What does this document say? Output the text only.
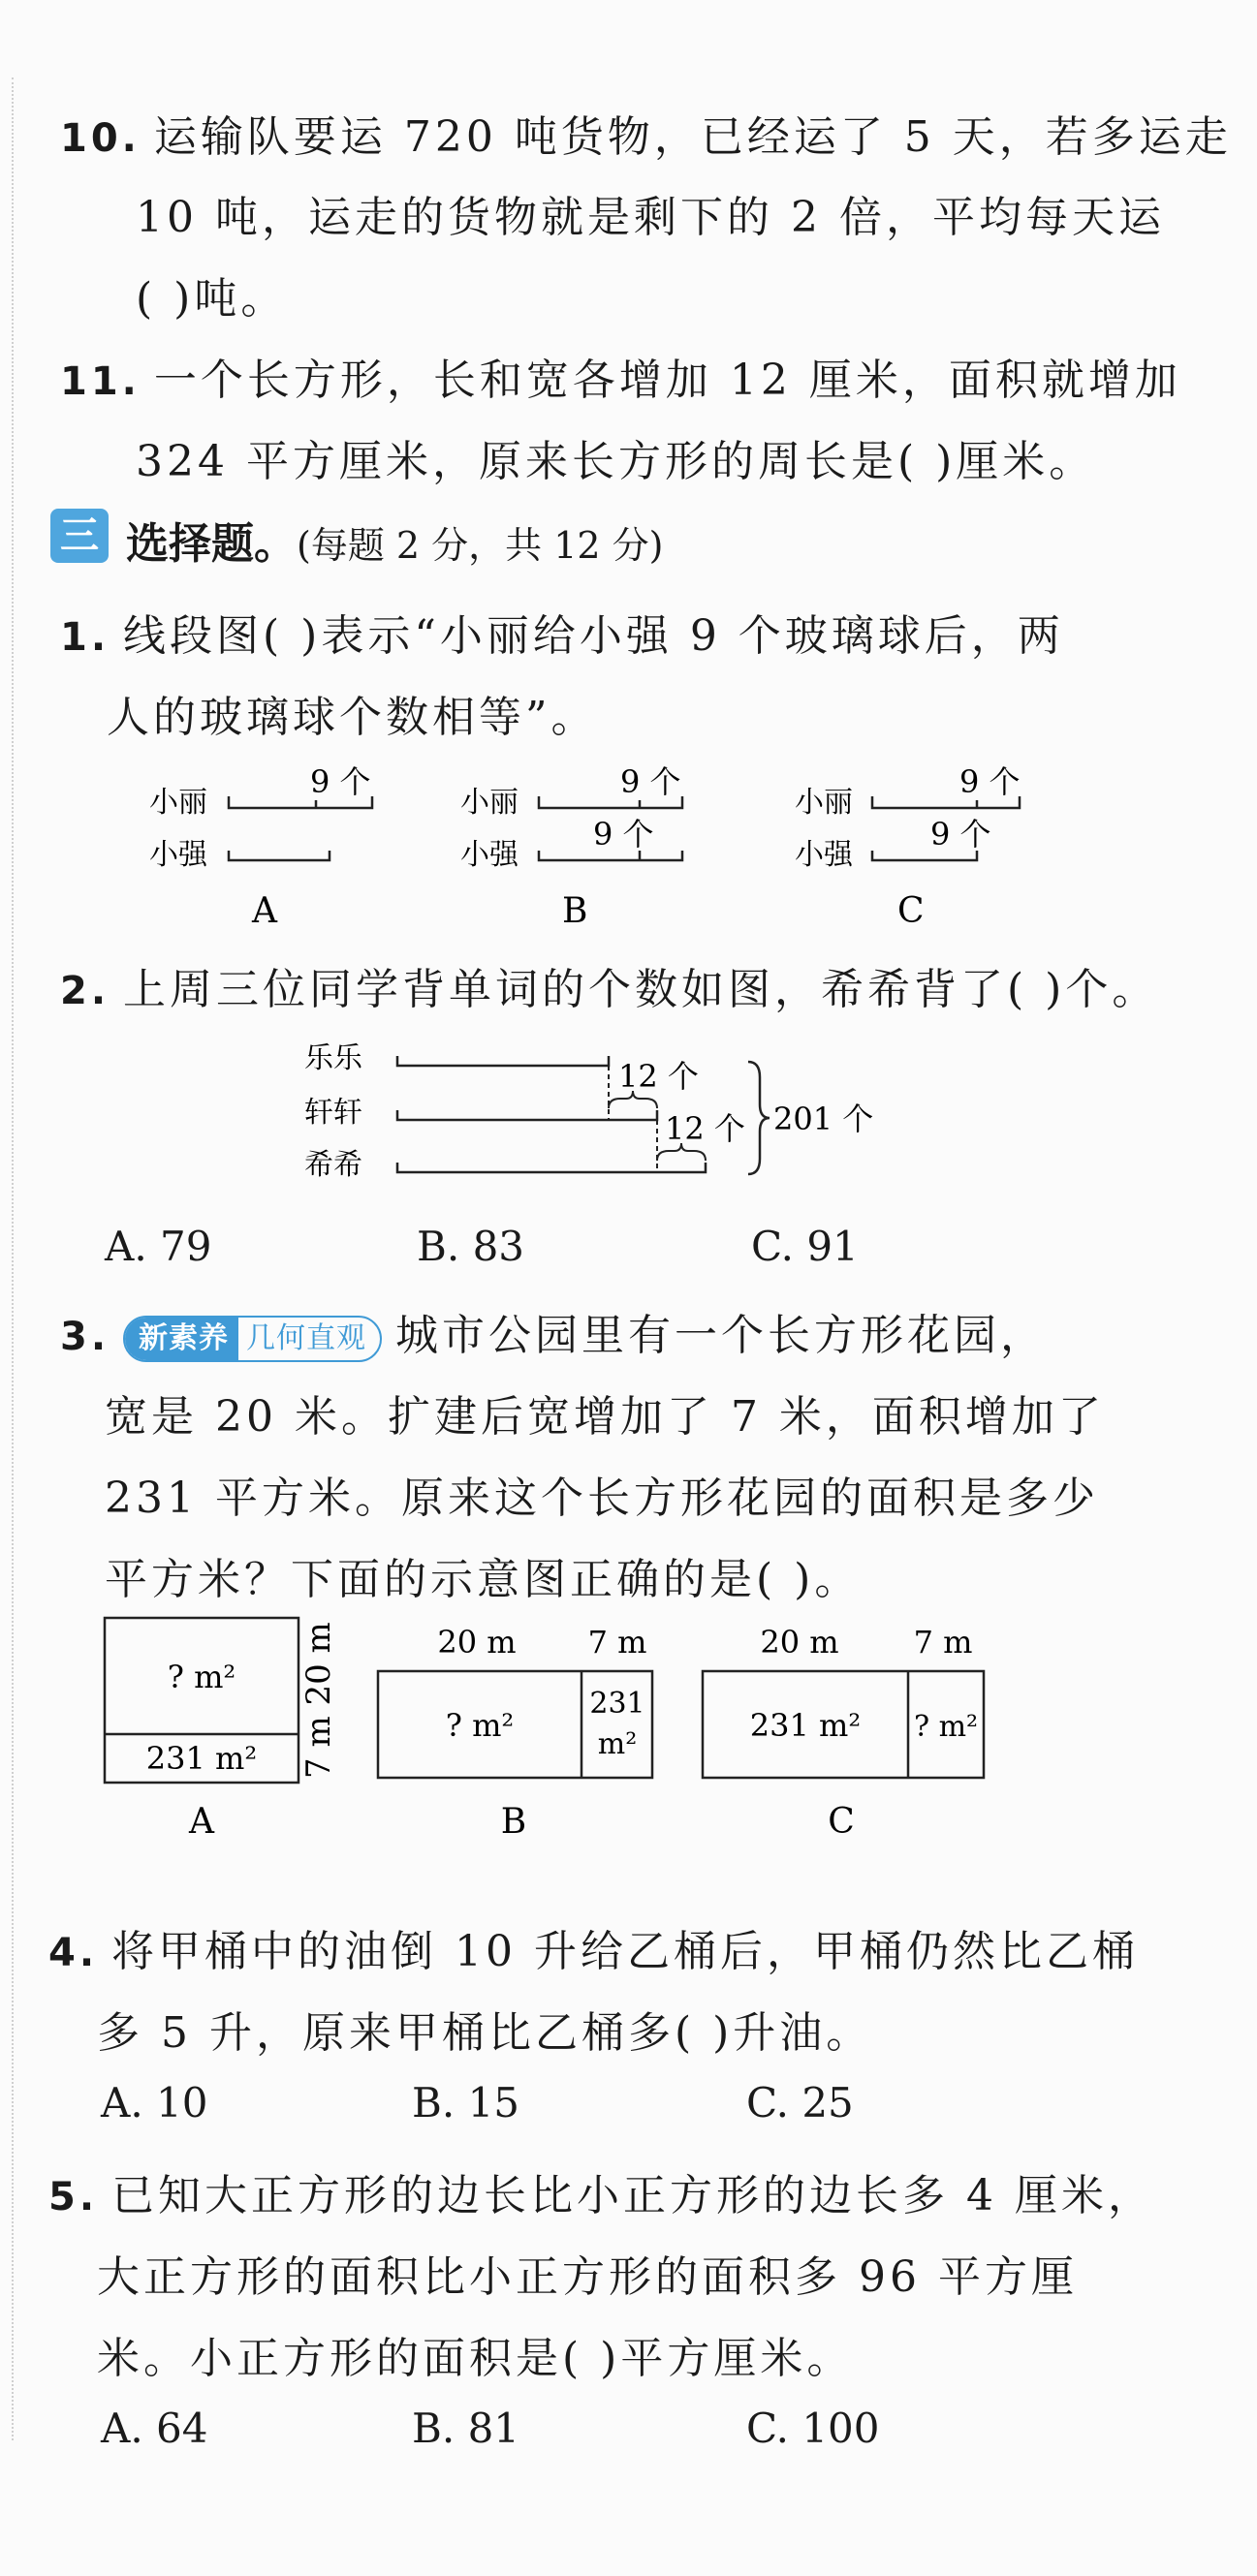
10. 运输队要运 720 吨货物，已经运了 5 天，若多运走
10 吨，运走的货物就是剩下的 2 倍，平均每天运
( )吨。
11. 一个长方形，长和宽各增加 12 厘米，面积就增加
324 平方厘米，原来长方形的周长是( )厘米。
三 选择题。(每题 2 分，共 12 分)
1. 线段图( )表示“小丽给小强 9 个玻璃球后，两
人的玻璃球个数相等”。
小丽
小强
9 个
A
小丽
小强
9 个
9 个
B
小丽
小强
9 个
9 个
C
2. 上周三位同学背单词的个数如图，希希背了( )个。
乐乐
轩轩
希希
12 个
12 个 201 个
A. 79	B. 83	C. 91
3. 新素养 几何直观 城市公园里有一个长方形花园，
宽是 20 米。扩建后宽增加了 7 米，面积增加了
231 平方米。原来这个长方形花园的面积是多少
平方米？下面的示意图正确的是( )。
? m²
231 m² 7 m 20 m
A
20 m 7 m
? m²
231
m²
B
20 m 7 m
231 m² ? m²
C
4. 将甲桶中的油倒 10 升给乙桶后，甲桶仍然比乙桶
多 5 升，原来甲桶比乙桶多( )升油。
A. 10	B. 15	C. 25
5. 已知大正方形的边长比小正方形的边长多 4 厘米，
大正方形的面积比小正方形的面积多 96 平方厘
米。小正方形的面积是( )平方厘米。
A. 64	B. 81	C. 100
